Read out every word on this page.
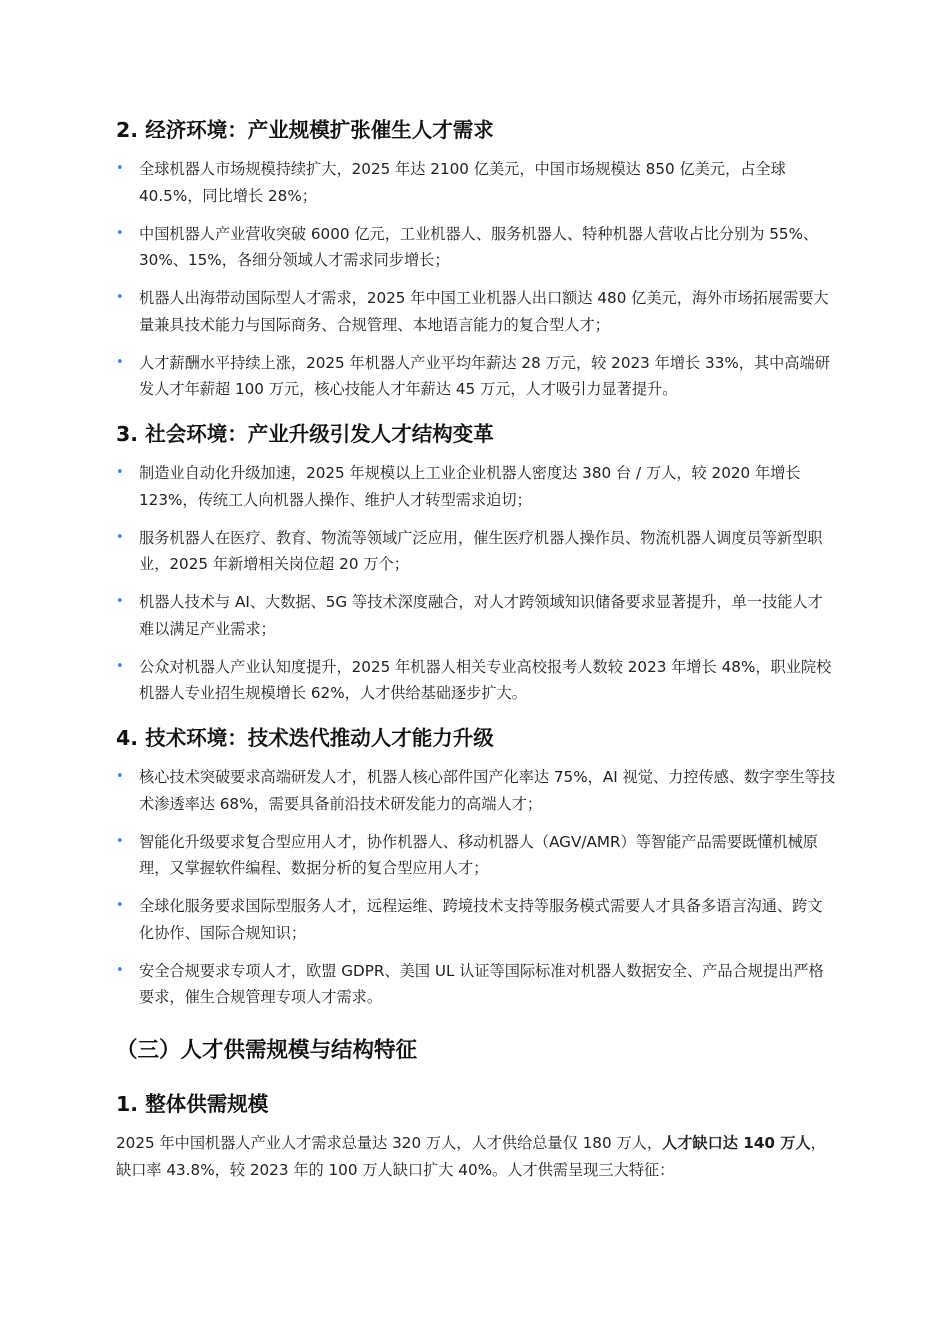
2. 经济环境：产业规模扩张催生人才需求
• 全球机器人市场规模持续扩大，2025 年达 2100 亿美元，中国市场规模达 850 亿美元，占全球 40.5%，同比增长 28%；
• 中国机器人产业营收突破 6000 亿元，工业机器人、服务机器人、特种机器人营收占比分别为 55%、30%、15%，各细分领域人才需求同步增长；
• 机器人出海带动国际型人才需求，2025 年中国工业机器人出口额达 480 亿美元，海外市场拓展需要大量兼具技术能力与国际商务、合规管理、本地语言能力的复合型人才；
• 人才薪酬水平持续上涨，2025 年机器人产业平均年薪达 28 万元，较 2023 年增长 33%，其中高端研发人才年薪超 100 万元，核心技能人才年薪达 45 万元，人才吸引力显著提升。
3. 社会环境：产业升级引发人才结构变革
• 制造业自动化升级加速，2025 年规模以上工业企业机器人密度达 380 台 / 万人，较 2020 年增长 123%，传统工人向机器人操作、维护人才转型需求迫切；
• 服务机器人在医疗、教育、物流等领域广泛应用，催生医疗机器人操作员、物流机器人调度员等新型职业，2025 年新增相关岗位超 20 万个；
• 机器人技术与 AI、大数据、5G 等技术深度融合，对人才跨领域知识储备要求显著提升，单一技能人才难以满足产业需求；
• 公众对机器人产业认知度提升，2025 年机器人相关专业高校报考人数较 2023 年增长 48%，职业院校机器人专业招生规模增长 62%，人才供给基础逐步扩大。
4. 技术环境：技术迭代推动人才能力升级
• 核心技术突破要求高端研发人才，机器人核心部件国产化率达 75%，AI 视觉、力控传感、数字孪生等技术渗透率达 68%，需要具备前沿技术研发能力的高端人才；
• 智能化升级要求复合型应用人才，协作机器人、移动机器人（AGV/AMR）等智能产品需要既懂机械原理，又掌握软件编程、数据分析的复合型应用人才；
• 全球化服务要求国际型服务人才，远程运维、跨境技术支持等服务模式需要人才具备多语言沟通、跨文化协作、国际合规知识；
• 安全合规要求专项人才，欧盟 GDPR、美国 UL 认证等国际标准对机器人数据安全、产品合规提出严格要求，催生合规管理专项人才需求。
（三）人才供需规模与结构特征
1. 整体供需规模

2025 年中国机器人产业人才需求总量达 320 万人，人才供给总量仅 180 万人，人才缺口达 140 万人，缺口率 43.8%，较 2023 年的 100 万人缺口扩大 40%。人才供需呈现三大特征：
